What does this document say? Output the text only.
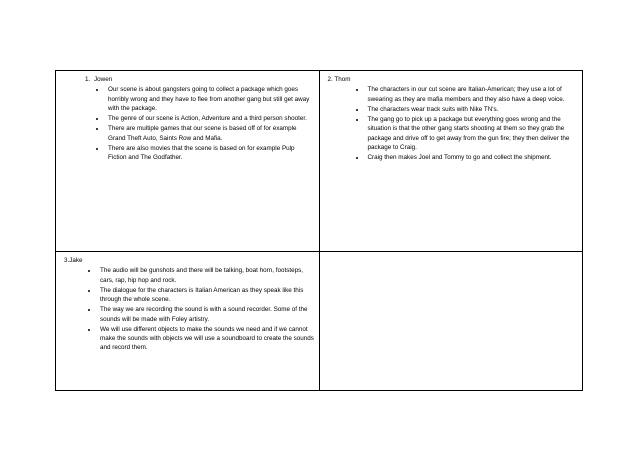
1. Jowen
• Our scene is about gangsters going to collect a package which goes horribly wrong and they have to flee from another gang but still get away with the package.
• The genre of our scene is Action, Adventure and a third person shooter.
• There are multiple games that our scene is based off of for example Grand Theft Auto, Saints Row and Mafia.
• There are also movies that the scene is based on for example Pulp Fiction and The Godfather.

2. Thom

• The characters in our cut scene are Italian-American; they use a lot of swearing as they are mafia members and they also have a deep voice.
• The characters wear track suits with Nike TN's.
• The gang go to pick up a package but everything goes wrong and the situation is that the other gang starts shooting at them so they grab the package and drive off to get away from the gun fire; they then deliver the package to Craig.
• Craig then makes Joel and Tommy to go and collect the shipment.

3.Jake

• The audio will be gunshots and there will be talking, boat horn, footsteps, cars, rap, hip hop and rock.
• The dialogue for the characters is Italian American as they speak like this through the whole scene.
• The way we are recording the sound is with a sound recorder. Some of the sounds will be made with Foley artistry.
• We will use different objects to make the sounds we need and if we cannot make the sounds with objects we will use a soundboard to create the sounds and record them.
